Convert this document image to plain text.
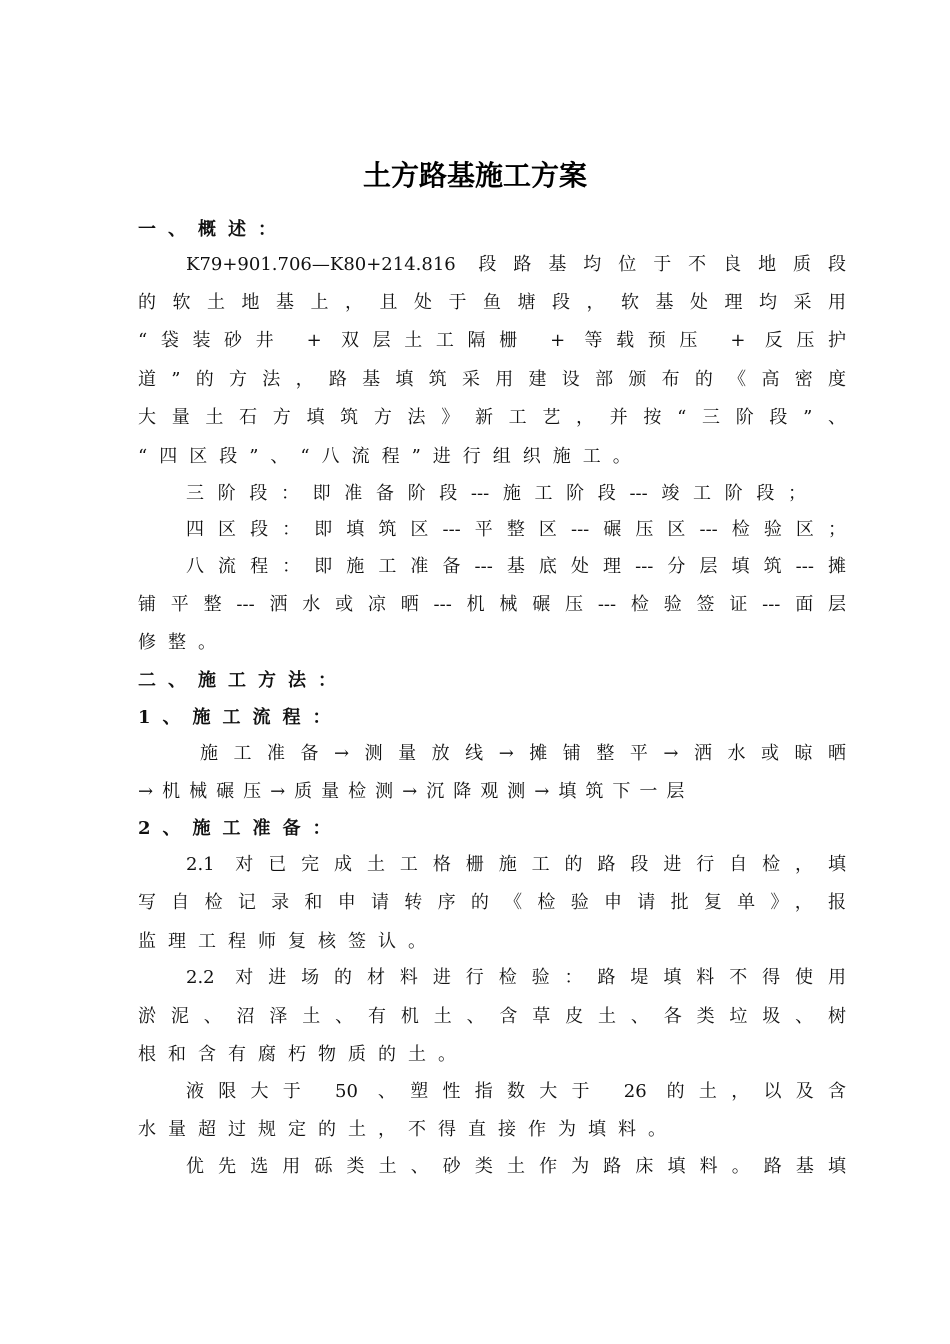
土方路基施工方案
一、概述：
K79+901.706—K80+214.816 段路基均位于不良地质段
的软土地基上，且处于鱼塘段，软基处理均采用
“袋装砂井 + 双层土工隔栅 + 等载预压 + 反压护
道”的方法，路基填筑采用建设部颁布的《高密度
大量土石方填筑方法》新工艺，并按“三阶段”、
“四区段”、“八流程”进行组织施工。
三阶段：即准备阶段---施工阶段---竣工阶段；
四区段：即填筑区---平整区---碾压区---检验区；
八流程：即施工准备---基底处理---分层填筑---摊
铺平整---洒水或凉晒---机械碾压---检验签证---面层
修整。
二、施工方法：
1、施工流程：
施工准备→测量放线→摊铺整平→洒水或晾晒
→机械碾压→质量检测→沉降观测→填筑下一层
2、施工准备：
2.1 对已完成土工格栅施工的路段进行自检，填
写自检记录和申请转序的《检验申请批复单》，报
监理工程师复核签认。
2.2 对进场的材料进行检验：路堤填料不得使用
淤泥、沼泽土、有机土、含草皮土、各类垃圾、树
根和含有腐朽物质的土。
液限大于 50 、塑性指数大于 26 的土，以及含
水量超过规定的土，不得直接作为填料。
优先选用砾类土、砂类土作为路床填料。路基填
